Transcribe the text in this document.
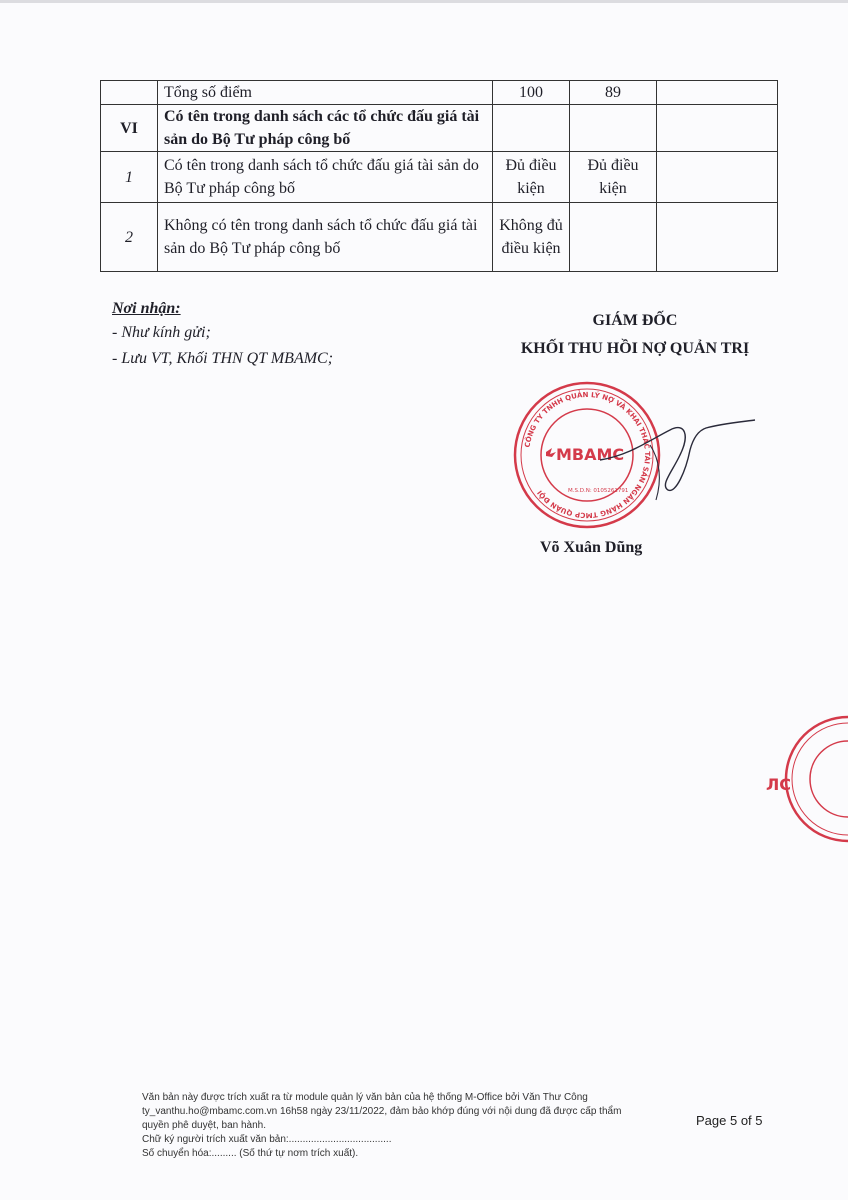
	Tổng số điểm	100	89	
VI	Có tên trong danh sách các tổ chức đấu giá tài sản do Bộ Tư pháp công bố			
1	Có tên trong danh sách tổ chức đấu giá tài sản do Bộ Tư pháp công bố	Đủ điều kiện	Đủ điều kiện	
2	Không có tên trong danh sách tổ chức đấu giá tài sản do Bộ Tư pháp công bố	Không đủ điều kiện		
Nơi nhận:
- Như kính gửi;
- Lưu VT, Khối THN QT MBAMC;
GIÁM ĐỐC
KHỐI THU HỒI NỢ QUẢN TRỊ
CÔNG TY TNHH QUẢN LÝ NỢ VÀ KHAI THÁC TÀI SẢN NGÂN HÀNG TMCP QUÂN ĐỘI
MBAMC
M.S.D.N: 0105261791
Võ Xuân Dũng
ЛC
Văn bản này được trích xuất ra từ module quản lý văn bản của hệ thống M-Office bởi Văn Thư Công
ty_vanthu.ho@mbamc.com.vn 16h58 ngày 23/11/2022, đảm bảo khớp đúng với nội dung đã được cấp thẩm
quyền phê duyệt, ban hành.
Chữ ký người trích xuất văn bản:.....................................
Số chuyển hóa:......... (Số thứ tự nơm trích xuất).
Page 5 of 5
